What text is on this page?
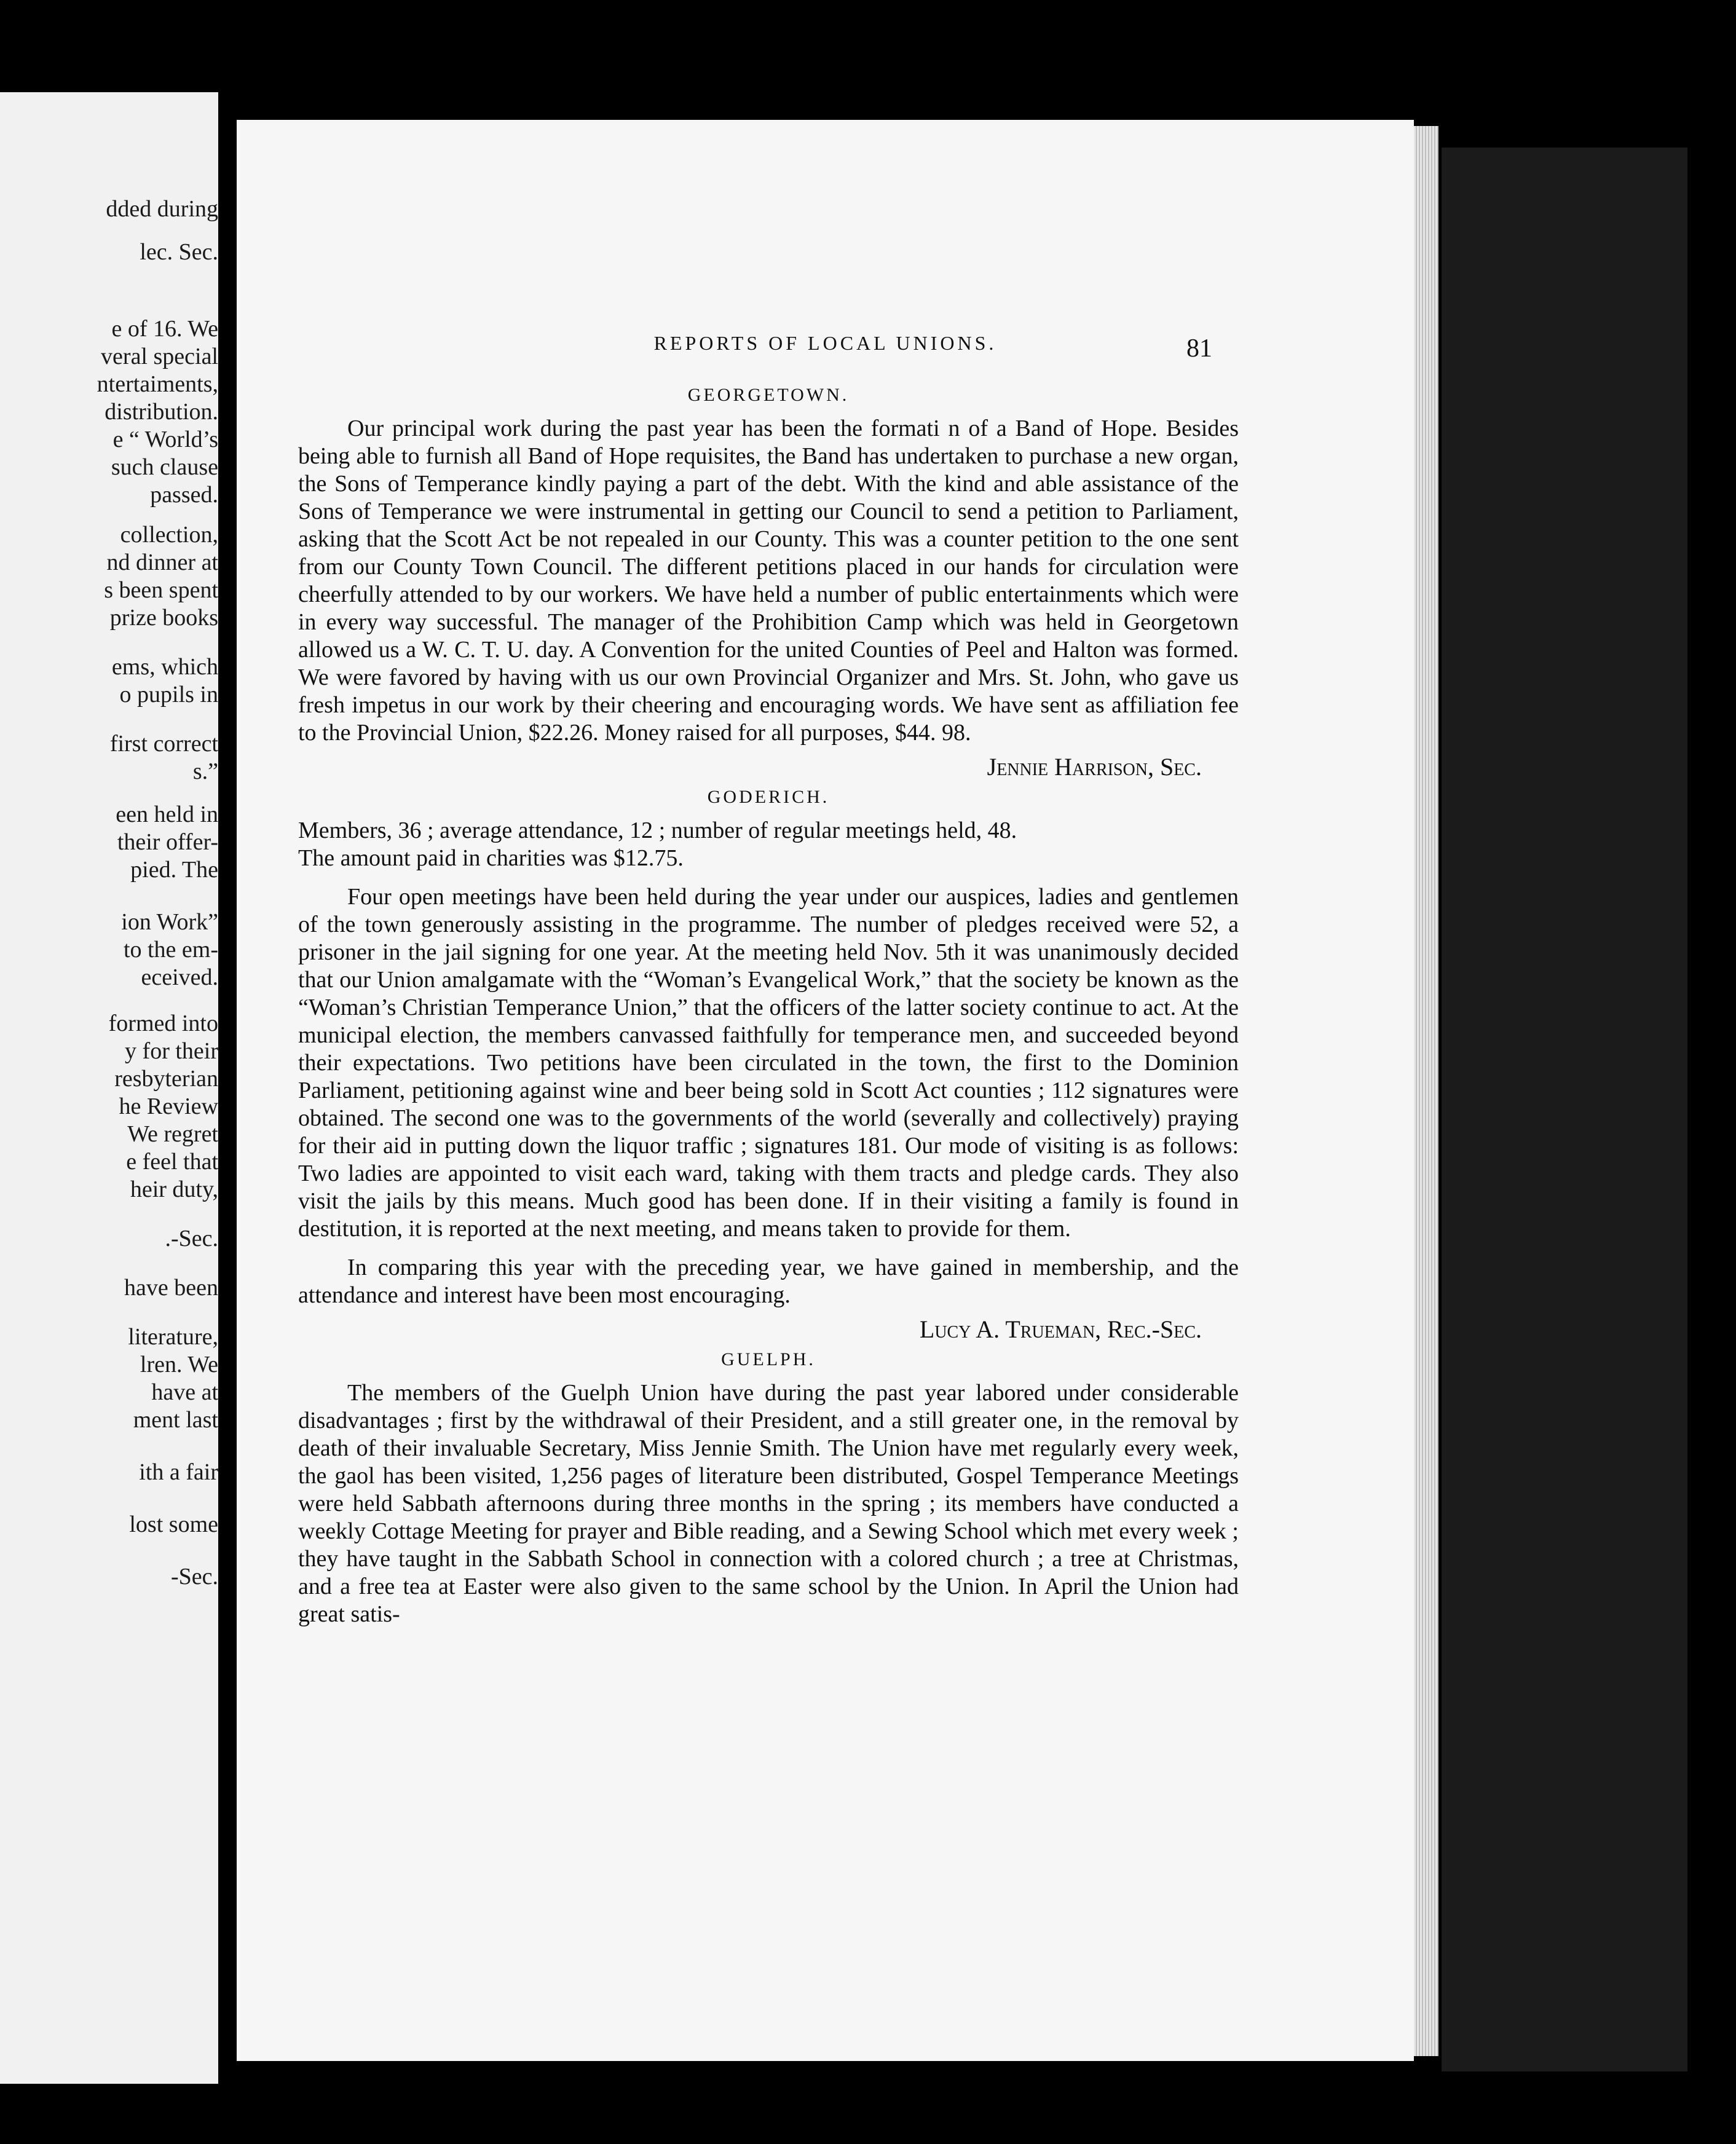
dded during
lec. Sec.
e of 16. We
veral special
ntertaiments,
distribution.
e “ World’s
such clause
passed.
collection,
nd dinner at
s been spent
prize books
ems, which
o pupils in
first correct
s.”
een held in
their offer-
pied. The
ion Work”
to the em-
eceived.
formed into
y for their
resbyterian
he Review
We regret
e feel that
heir duty,
.-Sec.
have been
literature,
lren. We
have at
ment last
ith a fair
lost some
-Sec.
REPORTS OF LOCAL UNIONS.	81
GEORGETOWN.

Our principal work during the past year has been the formati n of a Band of Hope. Besides being able to furnish all Band of Hope requisites, the Band has undertaken to purchase a new organ, the Sons of Temperance kindly paying a part of the debt. With the kind and able assistance of the Sons of Temperance we were instrumental in getting our Council to send a petition to Parliament, asking that the Scott Act be not repealed in our County. This was a counter petition to the one sent from our County Town Council. The different petitions placed in our hands for circulation were cheerfully attended to by our workers. We have held a number of public entertainments which were in every way successful. The manager of the Prohibition Camp which was held in Georgetown allowed us a W. C. T. U. day. A Convention for the united Counties of Peel and Halton was formed. We were favored by having with us our own Provincial Organizer and Mrs. St. John, who gave us fresh impetus in our work by their cheering and encouraging words. We have sent as affiliation fee to the Provincial Union, $22.26. Money raised for all purposes, $44. 98.

Jennie Harrison, Sec.
GODERICH.

Members, 36 ; average attendance, 12 ; number of regular meetings held, 48.

The amount paid in charities was $12.75.

Four open meetings have been held during the year under our auspices, ladies and gentlemen of the town generously assisting in the programme. The number of pledges received were 52, a prisoner in the jail signing for one year. At the meeting held Nov. 5th it was unanimously decided that our Union amalgamate with the “Woman’s Evangelical Work,” that the society be known as the “Woman’s Christian Temperance Union,” that the officers of the latter society continue to act. At the municipal election, the members canvassed faithfully for temperance men, and succeeded beyond their expectations. Two petitions have been circulated in the town, the first to the Dominion Parliament, petitioning against wine and beer being sold in Scott Act counties ; 112 signatures were obtained. The second one was to the governments of the world (severally and collectively) praying for their aid in putting down the liquor traffic ; signatures 181. Our mode of visiting is as follows: Two ladies are appointed to visit each ward, taking with them tracts and pledge cards. They also visit the jails by this means. Much good has been done. If in their visiting a family is found in destitution, it is reported at the next meeting, and means taken to provide for them.

In comparing this year with the preceding year, we have gained in membership, and the attendance and interest have been most encouraging.

Lucy A. Trueman, Rec.-Sec.
GUELPH.

The members of the Guelph Union have during the past year labored under considerable disadvantages ; first by the withdrawal of their President, and a still greater one, in the removal by death of their invaluable Secretary, Miss Jennie Smith. The Union have met regularly every week, the gaol has been visited, 1,256 pages of literature been distributed, Gospel Temperance Meetings were held Sabbath afternoons during three months in the spring ; its members have conducted a weekly Cottage Meeting for prayer and Bible reading, and a Sewing School which met every week ; they have taught in the Sabbath School in connection with a colored church ; a tree at Christmas, and a free tea at Easter were also given to the same school by the Union. In April the Union had great satis-
